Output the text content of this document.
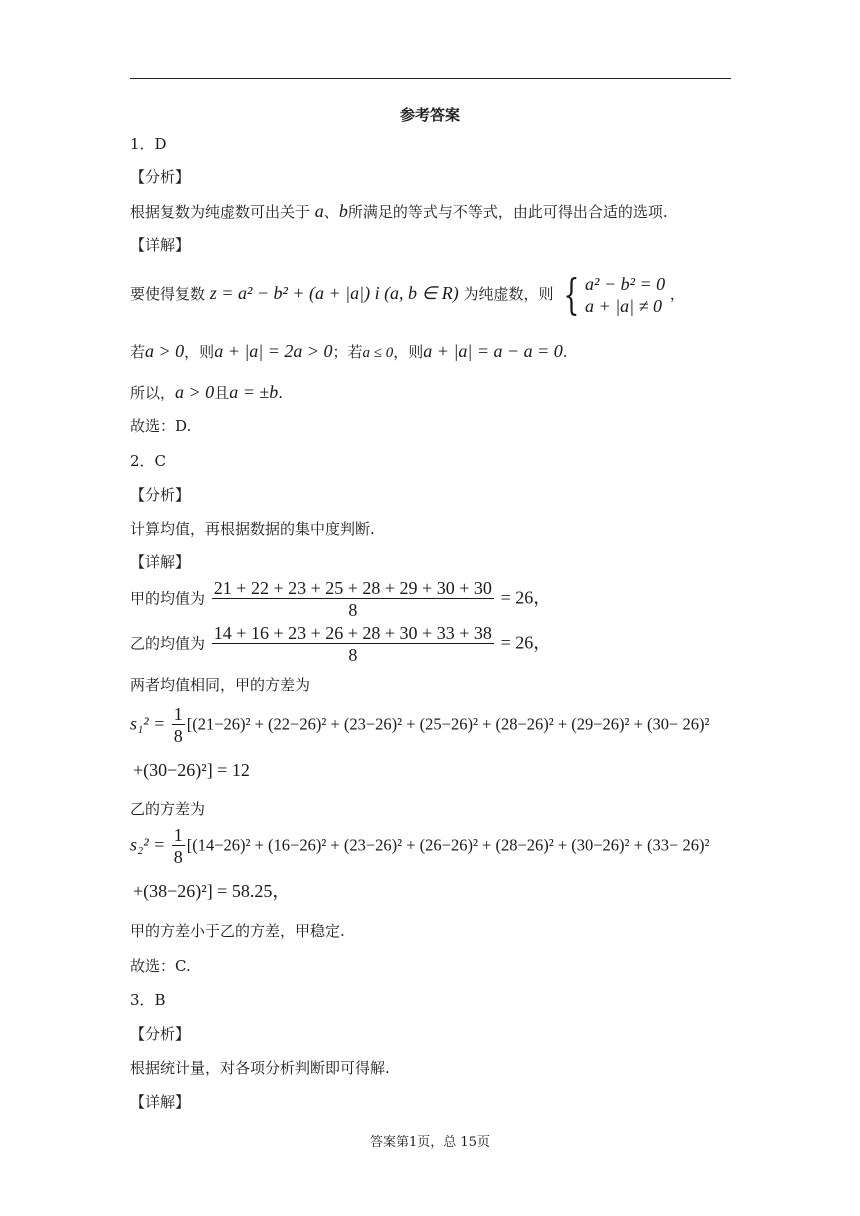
参考答案
1．D
【分析】
根据复数为纯虚数可出关于 a、b所满足的等式与不等式，由此可得出合适的选项.
【详解】
要使得复数 z = a² − b² + (a + |a|) i (a, b ∈ R) 为纯虚数，则 { a² − b² = 0
a + |a| ≠ 0
，
若a > 0，则a + |a| = 2a > 0；若a ≤ 0，则a + |a| = a − a = 0.
所以，a > 0且a = ±b.
故选：D.
2．C
【分析】
计算均值，再根据数据的集中度判断.
【详解】
甲的均值为 $\frac{21 + 22 + 23 + 25 + 28 + 29 + 30 + 30}{8} = 26$，
乙的均值为 $\frac{14 + 16 + 23 + 26 + 28 + 30 + 33 + 38}{8} = 26$，
两者均值相同，甲的方差为
$s_1^2 = \frac{1}{8} [(21-26)^2 + (22-26)^2 + (23-26)^2 + (25-26)^2 + (28-26)^2 + (29-26)^2 + (30- 26)^2$
+(30−26)²] = 12
乙的方差为
$s_2^2 = \frac{1}{8} [(14-26)^2 + (16-26)^2 + (23-26)^2 + (26-26)^2 + (28-26)^2 + (30-26)^2 + (33- 26)^2$
+(38−26)²] = 58.25，
甲的方差小于乙的方差，甲稳定.
故选：C.
3．B
【分析】
根据统计量，对各项分析判断即可得解.
【详解】
答案第1页，总 15页
